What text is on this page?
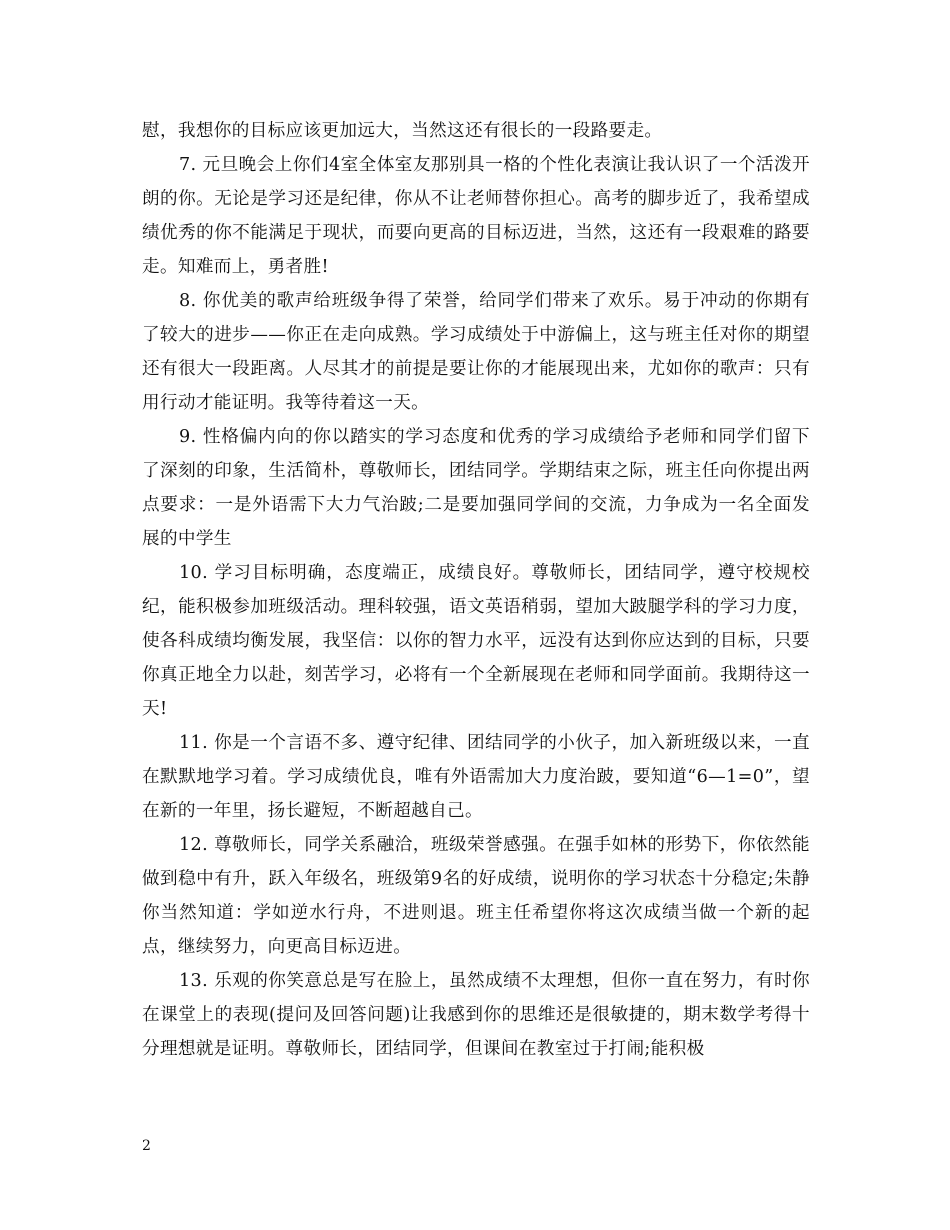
慰，我想你的目标应该更加远大，当然这还有很长的一段路要走。

7. 元旦晚会上你们4室全体室友那别具一格的个性化表演让我认识了一个活泼开朗的你。无论是学习还是纪律，你从不让老师替你担心。高考的脚步近了，我希望成绩优秀的你不能满足于现状，而要向更高的目标迈进，当然，这还有一段艰难的路要走。知难而上，勇者胜!

8. 你优美的歌声给班级争得了荣誉，给同学们带来了欢乐。易于冲动的你期有了较大的进步——你正在走向成熟。学习成绩处于中游偏上，这与班主任对你的期望还有很大一段距离。人尽其才的前提是要让你的才能展现出来，尤如你的歌声：只有用行动才能证明。我等待着这一天。

9. 性格偏内向的你以踏实的学习态度和优秀的学习成绩给予老师和同学们留下了深刻的印象，生活简朴，尊敬师长，团结同学。学期结束之际，班主任向你提出两点要求：一是外语需下大力气治跛;二是要加强同学间的交流，力争成为一名全面发展的中学生

10. 学习目标明确，态度端正，成绩良好。尊敬师长，团结同学，遵守校规校纪，能积极参加班级活动。理科较强，语文英语稍弱，望加大跛腿学科的学习力度，使各科成绩均衡发展，我坚信：以你的智力水平，远没有达到你应达到的目标，只要你真正地全力以赴，刻苦学习，必将有一个全新展现在老师和同学面前。我期待这一天!

11. 你是一个言语不多、遵守纪律、团结同学的小伙子，加入新班级以来，一直在默默地学习着。学习成绩优良，唯有外语需加大力度治跛，要知道“6—1=0”，望在新的一年里，扬长避短，不断超越自己。

12. 尊敬师长，同学关系融洽，班级荣誉感强。在强手如林的形势下，你依然能做到稳中有升，跃入年级名，班级第9名的好成绩，说明你的学习状态十分稳定;朱静你当然知道：学如逆水行舟，不进则退。班主任希望你将这次成绩当做一个新的起点，继续努力，向更高目标迈进。

13. 乐观的你笑意总是写在脸上，虽然成绩不太理想，但你一直在努力，有时你在课堂上的表现(提问及回答问题)让我感到你的思维还是很敏捷的，期末数学考得十分理想就是证明。尊敬师长，团结同学，但课间在教室过于打闹;能积极

2
